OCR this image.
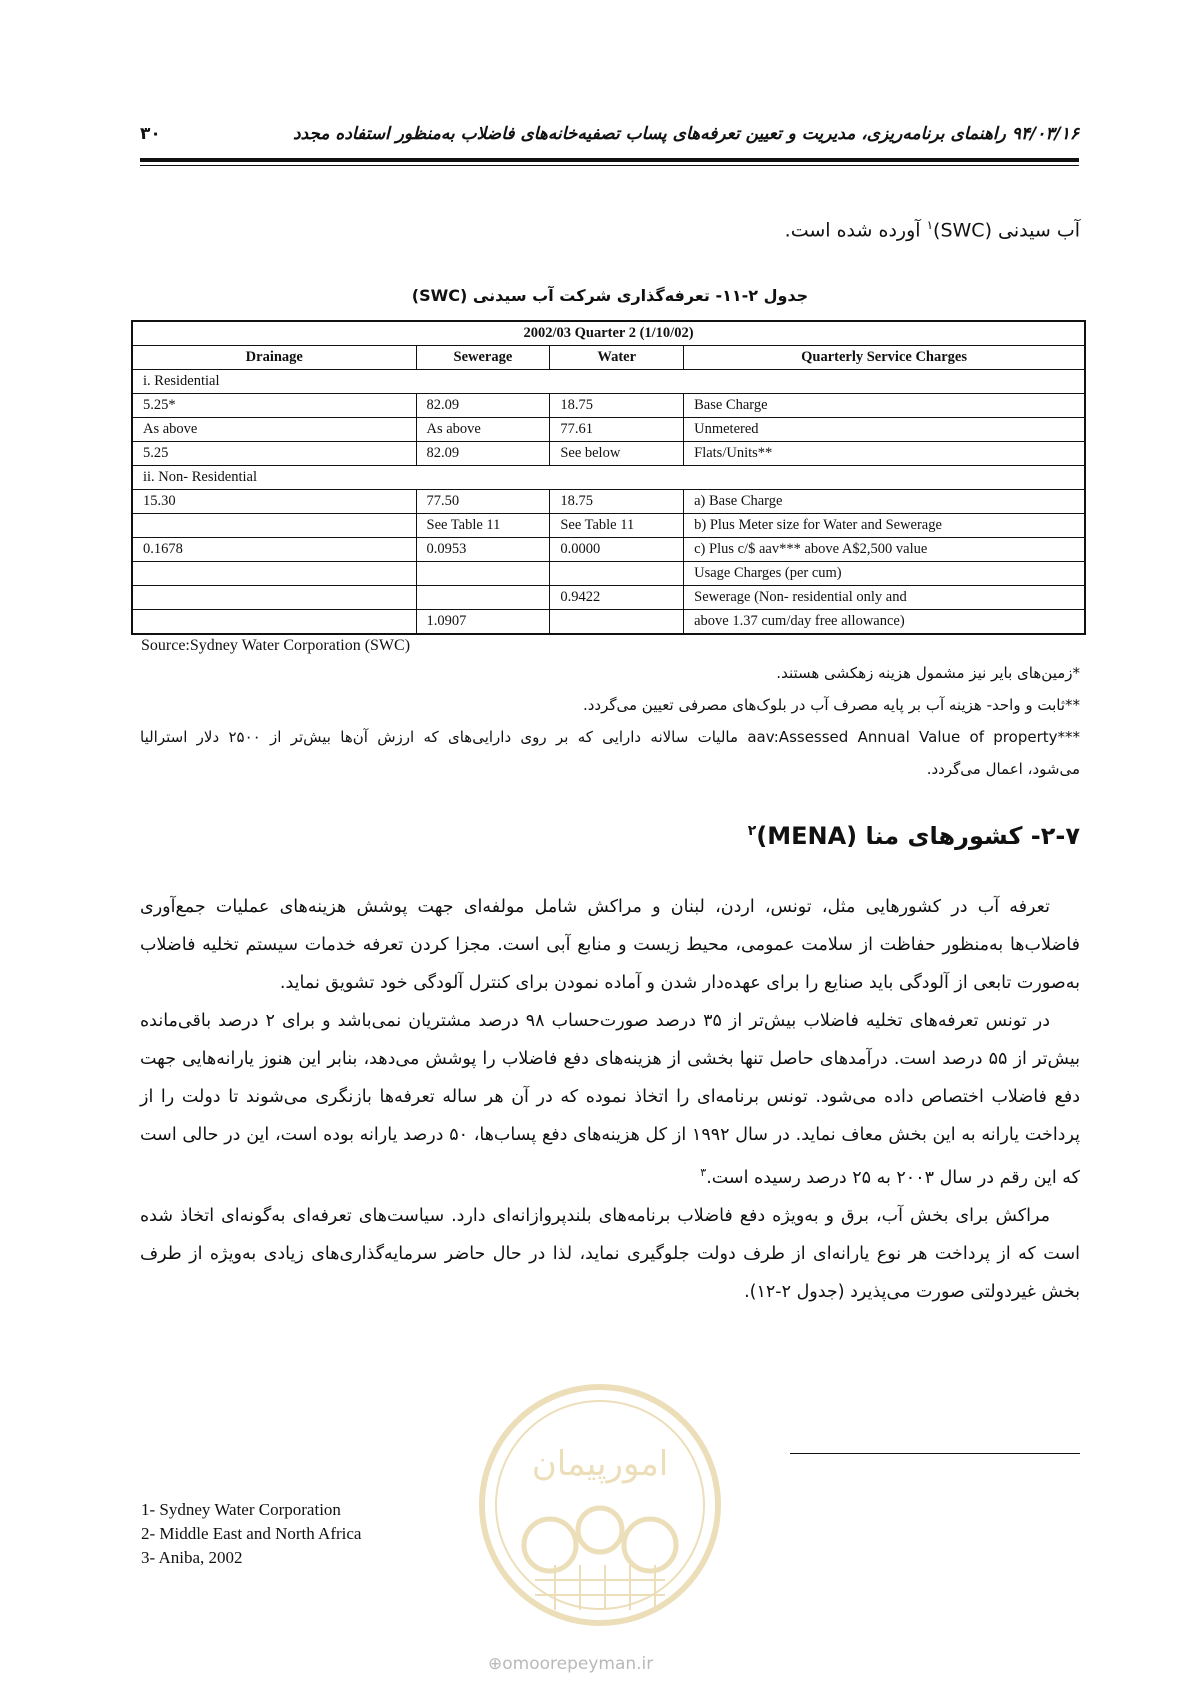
۳۰	۹۴/۰۳/۱۶ راهنمای برنامه‌ریزی، مدیریت و تعیین تعرفه‌های پساب تصفیه‌خانه‌های فاضلاب به‌منظور استفاده مجدد
آب سیدنی (SWC)$^۱$ آورده شده است.
جدول ۲-۱۱- تعرفه‌گذاری شرکت آب سیدنی (SWC)
2002/03 Quarter 2 (1/10/02)			
Drainage	Sewerage	Water	Quarterly Service Charges
i. Residential			
5.25*	82.09	18.75	Base Charge
As above	As above	77.61	Unmetered
5.25	82.09	See below	Flats/Units**
ii. Non- Residential			
15.30	77.50	18.75	a) Base Charge
	See Table 11	See Table 11	b) Plus Meter size for Water and Sewerage
0.1678	0.0953	0.0000	c) Plus c/$ aav*** above A$2,500 value
			Usage Charges (per cum)
		0.9422	Sewerage (Non- residential only and
	1.0907		above 1.37 cum/day free allowance)
Source:Sydney Water Corporation (SWC)
*زمین‌های بایر نیز مشمول هزینه زهکشی هستند.
**ثابت و واحد- هزینه آب بر پایه مصرف آب در بلوک‌های مصرفی تعیین می‌گردد.
***aav:Assessed Annual Value of property مالیات سالانه دارایی که بر روی دارایی‌های که ارزش آن‌ها بیش‌تر از ۲۵۰۰ دلار استرالیا
می‌شود، اعمال می‌گردد.
۲-۷- کشورهای منا (MENA)$^۲$

تعرفه آب در کشورهایی مثل، تونس، اردن، لبنان و مراکش شامل مولفه‌ای جهت پوشش هزینه‌های عملیات جمع‌آوری فاضلاب‌ها به‌منظور حفاظت از سلامت عمومی، محیط زیست و منابع آبی است. مجزا کردن تعرفه خدمات سیستم تخلیه فاضلاب به‌صورت تابعی از آلودگی باید صنایع را برای عهده‌دار شدن و آماده نمودن برای کنترل آلودگی خود تشویق نماید.

در تونس تعرفه‌های تخلیه فاضلاب بیش‌تر از ۳۵ درصد صورت‌حساب ۹۸ درصد مشتریان نمی‌باشد و برای ۲ درصد باقی‌مانده بیش‌تر از ۵۵ درصد است. درآمدهای حاصل تنها بخشی از هزینه‌های دفع فاضلاب را پوشش می‌دهد، بنابر این هنوز یارانه‌هایی جهت دفع فاضلاب اختصاص داده می‌شود. تونس برنامه‌ای را اتخاذ نموده که در آن هر ساله تعرفه‌ها بازنگری می‌شوند تا دولت را از پرداخت یارانه به این بخش معاف نماید. در سال ۱۹۹۲ از کل هزینه‌های دفع پساب‌ها، ۵۰ درصد یارانه بوده است، این در حالی است که این رقم در سال ۲۰۰۳ به ۲۵ درصد رسیده است.$^۳$

مراکش برای بخش آب، برق و به‌ویژه دفع فاضلاب برنامه‌های بلندپروازانه‌ای دارد. سیاست‌های تعرفه‌ای به‌گونه‌ای اتخاذ شده است که از پرداخت هر نوع یارانه‌ای از طرف دولت جلوگیری نماید، لذا در حال حاضر سرمایه‌گذاری‌های زیادی به‌ویژه از طرف بخش غیردولتی صورت می‌پذیرد (جدول ۲-۱۲).

1- Sydney Water Corporation
2- Middle East and North Africa
3- Aniba, 2002
امورپیمان
⊕omoorepeyman.ir
